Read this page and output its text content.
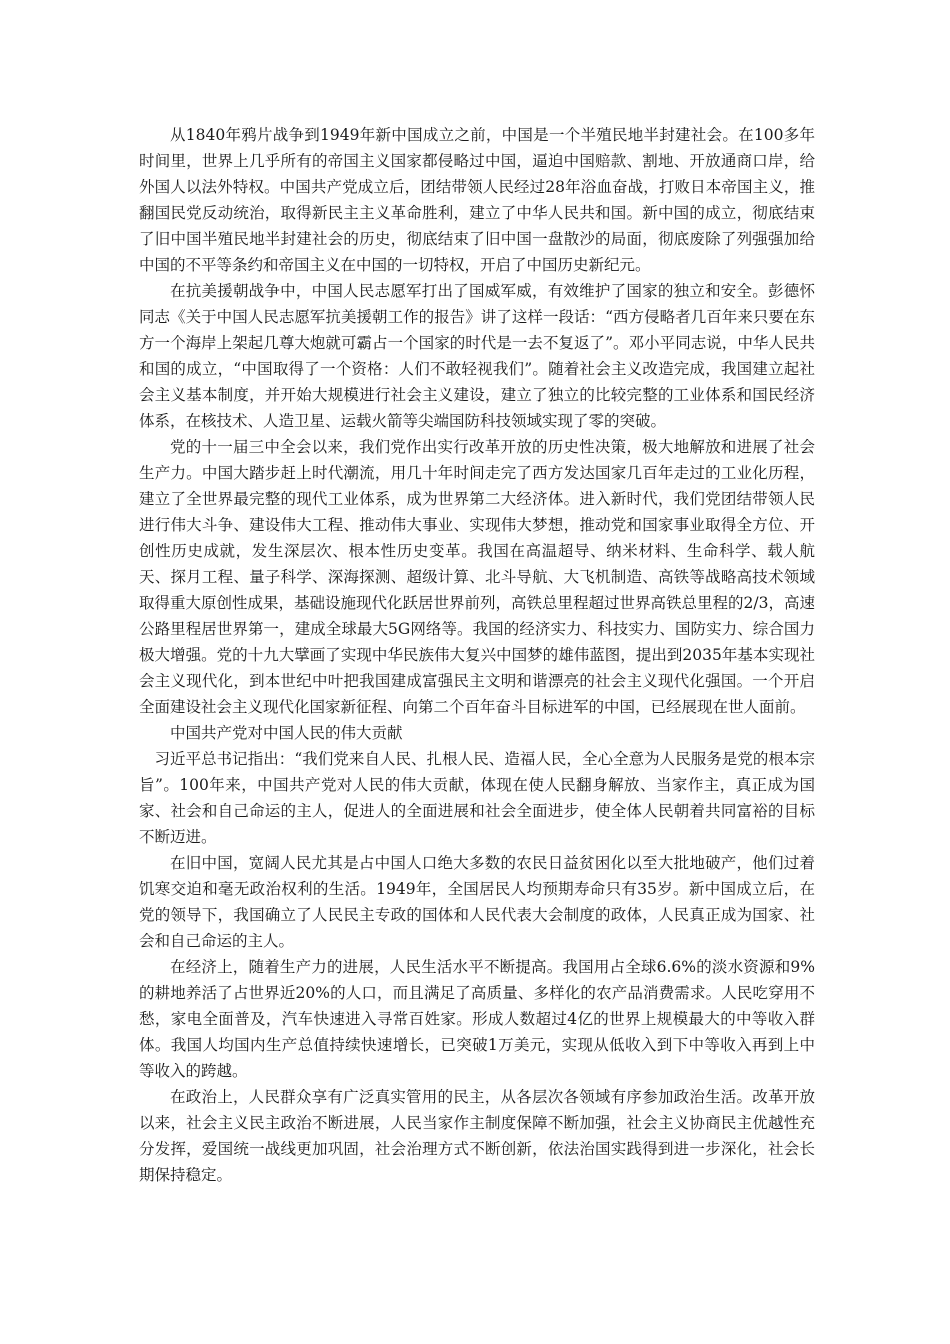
从1840年鸦片战争到1949年新中国成立之前，中国是一个半殖民地半封建社会。在100多年时间里，世界上几乎所有的帝国主义国家都侵略过中国，逼迫中国赔款、割地、开放通商口岸，给外国人以法外特权。中国共产党成立后，团结带领人民经过28年浴血奋战，打败日本帝国主义，推翻国民党反动统治，取得新民主主义革命胜利，建立了中华人民共和国。新中国的成立，彻底结束了旧中国半殖民地半封建社会的历史，彻底结束了旧中国一盘散沙的局面，彻底废除了列强强加给中国的不平等条约和帝国主义在中国的一切特权，开启了中国历史新纪元。

在抗美援朝战争中，中国人民志愿军打出了国威军威，有效维护了国家的独立和安全。彭德怀同志《关于中国人民志愿军抗美援朝工作的报告》讲了这样一段话：“西方侵略者几百年来只要在东方一个海岸上架起几尊大炮就可霸占一个国家的时代是一去不复返了”。邓小平同志说，中华人民共和国的成立，“中国取得了一个资格：人们不敢轻视我们”。随着社会主义改造完成，我国建立起社会主义基本制度，并开始大规模进行社会主义建设，建立了独立的比较完整的工业体系和国民经济体系，在核技术、人造卫星、运载火箭等尖端国防科技领域实现了零的突破。

党的十一届三中全会以来，我们党作出实行改革开放的历史性决策，极大地解放和进展了社会生产力。中国大踏步赶上时代潮流，用几十年时间走完了西方发达国家几百年走过的工业化历程，建立了全世界最完整的现代工业体系，成为世界第二大经济体。进入新时代，我们党团结带领人民进行伟大斗争、建设伟大工程、推动伟大事业、实现伟大梦想，推动党和国家事业取得全方位、开创性历史成就，发生深层次、根本性历史变革。我国在高温超导、纳米材料、生命科学、载人航天、探月工程、量子科学、深海探测、超级计算、北斗导航、大飞机制造、高铁等战略高技术领域取得重大原创性成果，基础设施现代化跃居世界前列，高铁总里程超过世界高铁总里程的2/3，高速公路里程居世界第一，建成全球最大5G网络等。我国的经济实力、科技实力、国防实力、综合国力极大增强。党的十九大擘画了实现中华民族伟大复兴中国梦的雄伟蓝图，提出到2035年基本实现社会主义现代化，到本世纪中叶把我国建成富强民主文明和谐漂亮的社会主义现代化强国。一个开启全面建设社会主义现代化国家新征程、向第二个百年奋斗目标进军的中国，已经展现在世人面前。

中国共产党对中国人民的伟大贡献

习近平总书记指出：“我们党来自人民、扎根人民、造福人民，全心全意为人民服务是党的根本宗旨”。100年来，中国共产党对人民的伟大贡献，体现在使人民翻身解放、当家作主，真正成为国家、社会和自己命运的主人，促进人的全面进展和社会全面进步，使全体人民朝着共同富裕的目标不断迈进。

在旧中国，宽阔人民尤其是占中国人口绝大多数的农民日益贫困化以至大批地破产，他们过着饥寒交迫和毫无政治权利的生活。1949年，全国居民人均预期寿命只有35岁。新中国成立后，在党的领导下，我国确立了人民民主专政的国体和人民代表大会制度的政体，人民真正成为国家、社会和自己命运的主人。

在经济上，随着生产力的进展，人民生活水平不断提高。我国用占全球6.6%的淡水资源和9%的耕地养活了占世界近20%的人口，而且满足了高质量、多样化的农产品消费需求。人民吃穿用不愁，家电全面普及，汽车快速进入寻常百姓家。形成人数超过4亿的世界上规模最大的中等收入群体。我国人均国内生产总值持续快速增长，已突破1万美元，实现从低收入到下中等收入再到上中等收入的跨越。

在政治上，人民群众享有广泛真实管用的民主，从各层次各领域有序参加政治生活。改革开放以来，社会主义民主政治不断进展，人民当家作主制度保障不断加强，社会主义协商民主优越性充分发挥，爱国统一战线更加巩固，社会治理方式不断创新，依法治国实践得到进一步深化，社会长期保持稳定。
